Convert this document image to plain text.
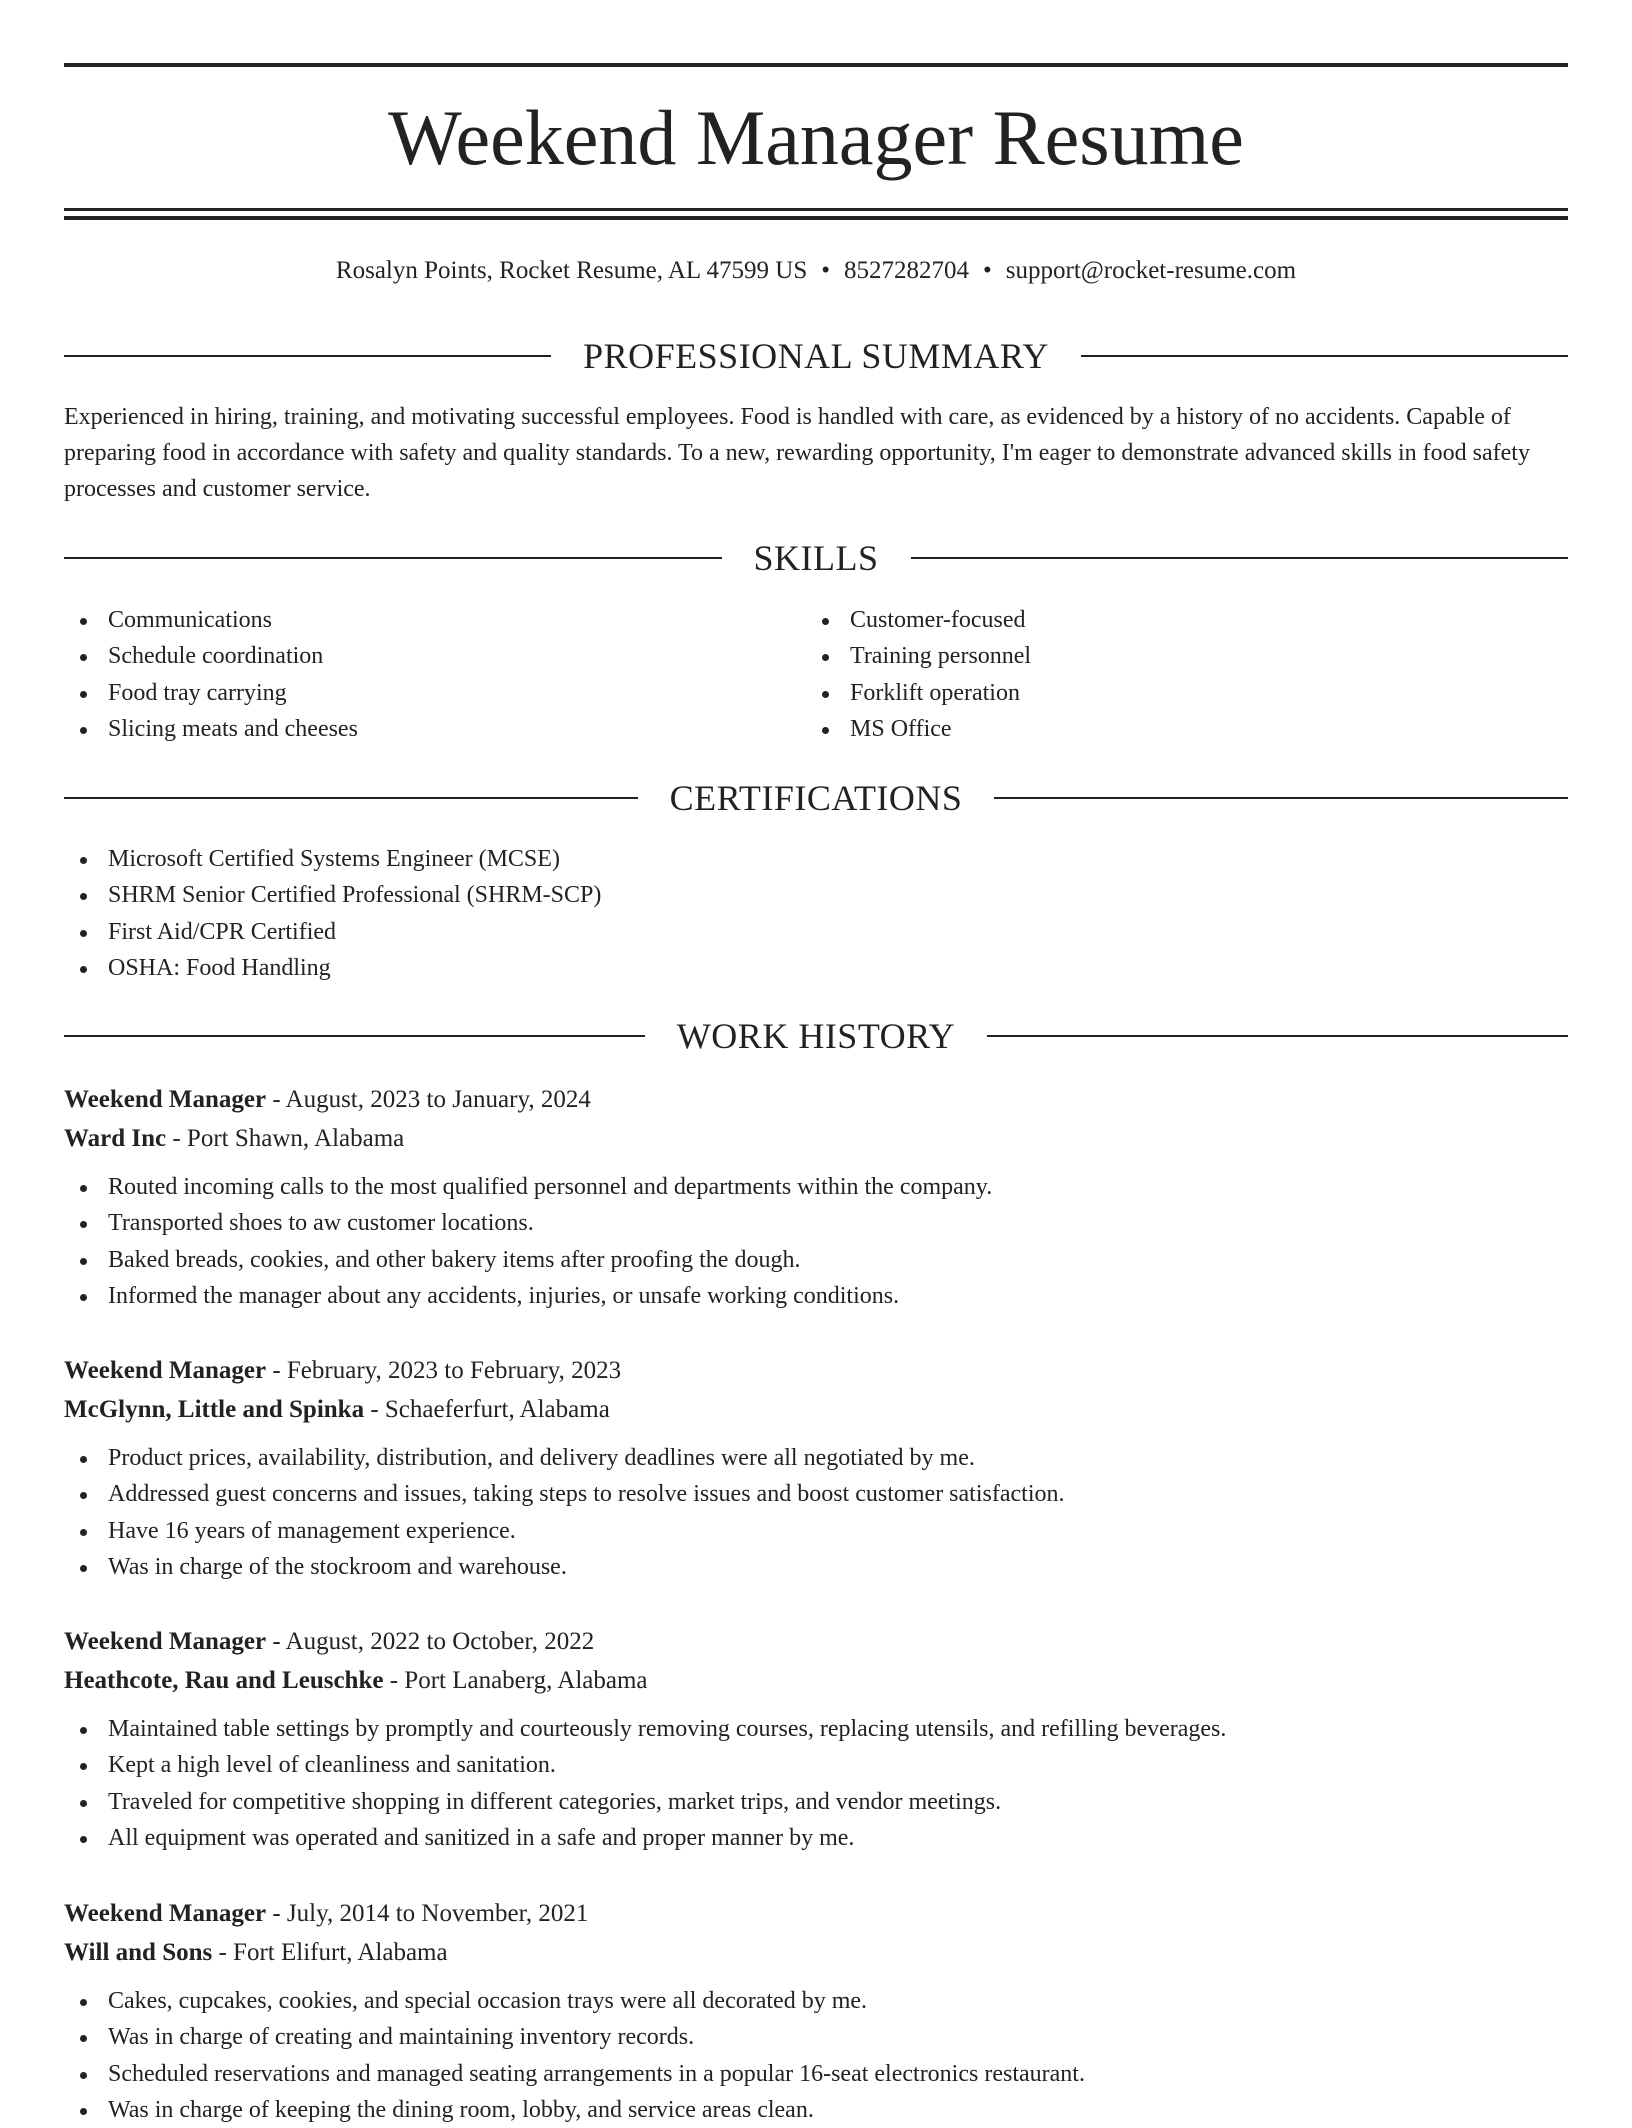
Weekend Manager Resume
Rosalyn Points, Rocket Resume, AL 47599 US • 8527282704 • support@rocket-resume.com
PROFESSIONAL SUMMARY

Experienced in hiring, training, and motivating successful employees. Food is handled with care, as evidenced by a history of no accidents. Capable of preparing food in accordance with safety and quality standards. To a new, rewarding opportunity, I'm eager to demonstrate advanced skills in food safety processes and customer service.

SKILLS
Communications
Schedule coordination
Food tray carrying
Slicing meats and cheeses
Customer-focused
Training personnel
Forklift operation
MS Office
CERTIFICATIONS
Microsoft Certified Systems Engineer (MCSE)
SHRM Senior Certified Professional (SHRM-SCP)
First Aid/CPR Certified
OSHA: Food Handling
WORK HISTORY
Weekend Manager - August, 2023 to January, 2024
Ward Inc - Port Shawn, Alabama
Routed incoming calls to the most qualified personnel and departments within the company.
Transported shoes to aw customer locations.
Baked breads, cookies, and other bakery items after proofing the dough.
Informed the manager about any accidents, injuries, or unsafe working conditions.
Weekend Manager - February, 2023 to February, 2023
McGlynn, Little and Spinka - Schaeferfurt, Alabama
Product prices, availability, distribution, and delivery deadlines were all negotiated by me.
Addressed guest concerns and issues, taking steps to resolve issues and boost customer satisfaction.
Have 16 years of management experience.
Was in charge of the stockroom and warehouse.
Weekend Manager - August, 2022 to October, 2022
Heathcote, Rau and Leuschke - Port Lanaberg, Alabama
Maintained table settings by promptly and courteously removing courses, replacing utensils, and refilling beverages.
Kept a high level of cleanliness and sanitation.
Traveled for competitive shopping in different categories, market trips, and vendor meetings.
All equipment was operated and sanitized in a safe and proper manner by me.
Weekend Manager - July, 2014 to November, 2021
Will and Sons - Fort Elifurt, Alabama
Cakes, cupcakes, cookies, and special occasion trays were all decorated by me.
Was in charge of creating and maintaining inventory records.
Scheduled reservations and managed seating arrangements in a popular 16-seat electronics restaurant.
Was in charge of keeping the dining room, lobby, and service areas clean.
